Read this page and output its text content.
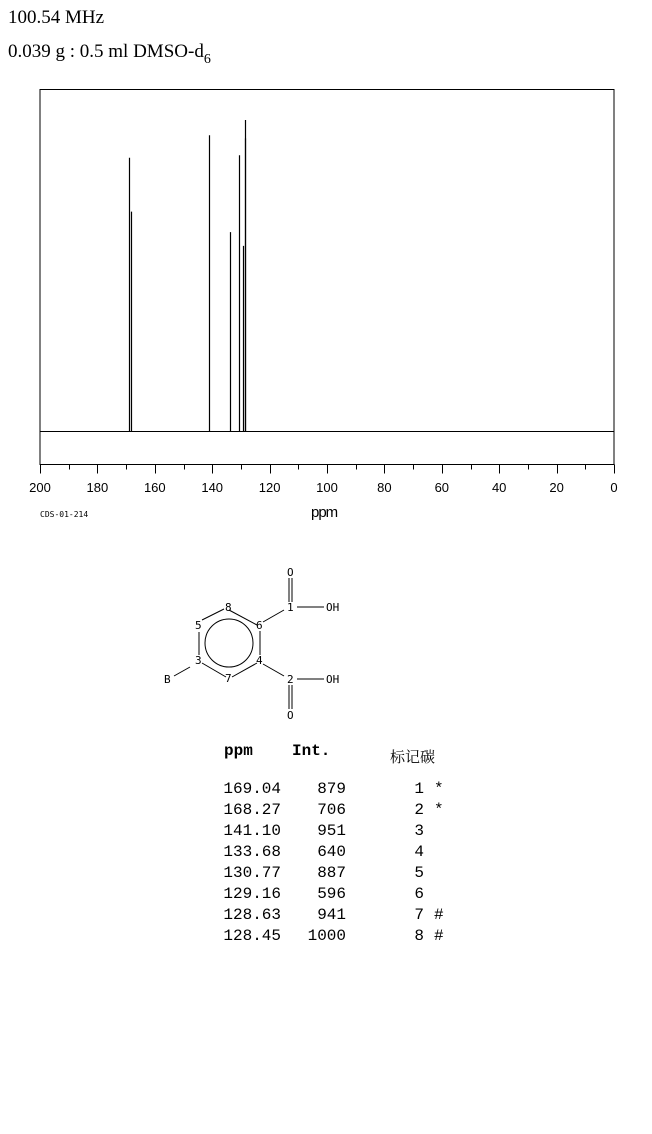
100.54 MHz
0.039 g : 0.5 ml DMSO-$d_6$
200	180	160	140	120	100	80	60	40	20	0
CDS-01-214	ppm
8
6
4
7
3
5
1
2
B
O
OH
O
OH
ppm Int.	标记碳
169.04	879	1 *
168.27	706	2 *
141.10	951	3
133.68	640	4
130.77	887	5
129.16	596	6
128.63	941	7 #
128.45	1000	8 #
